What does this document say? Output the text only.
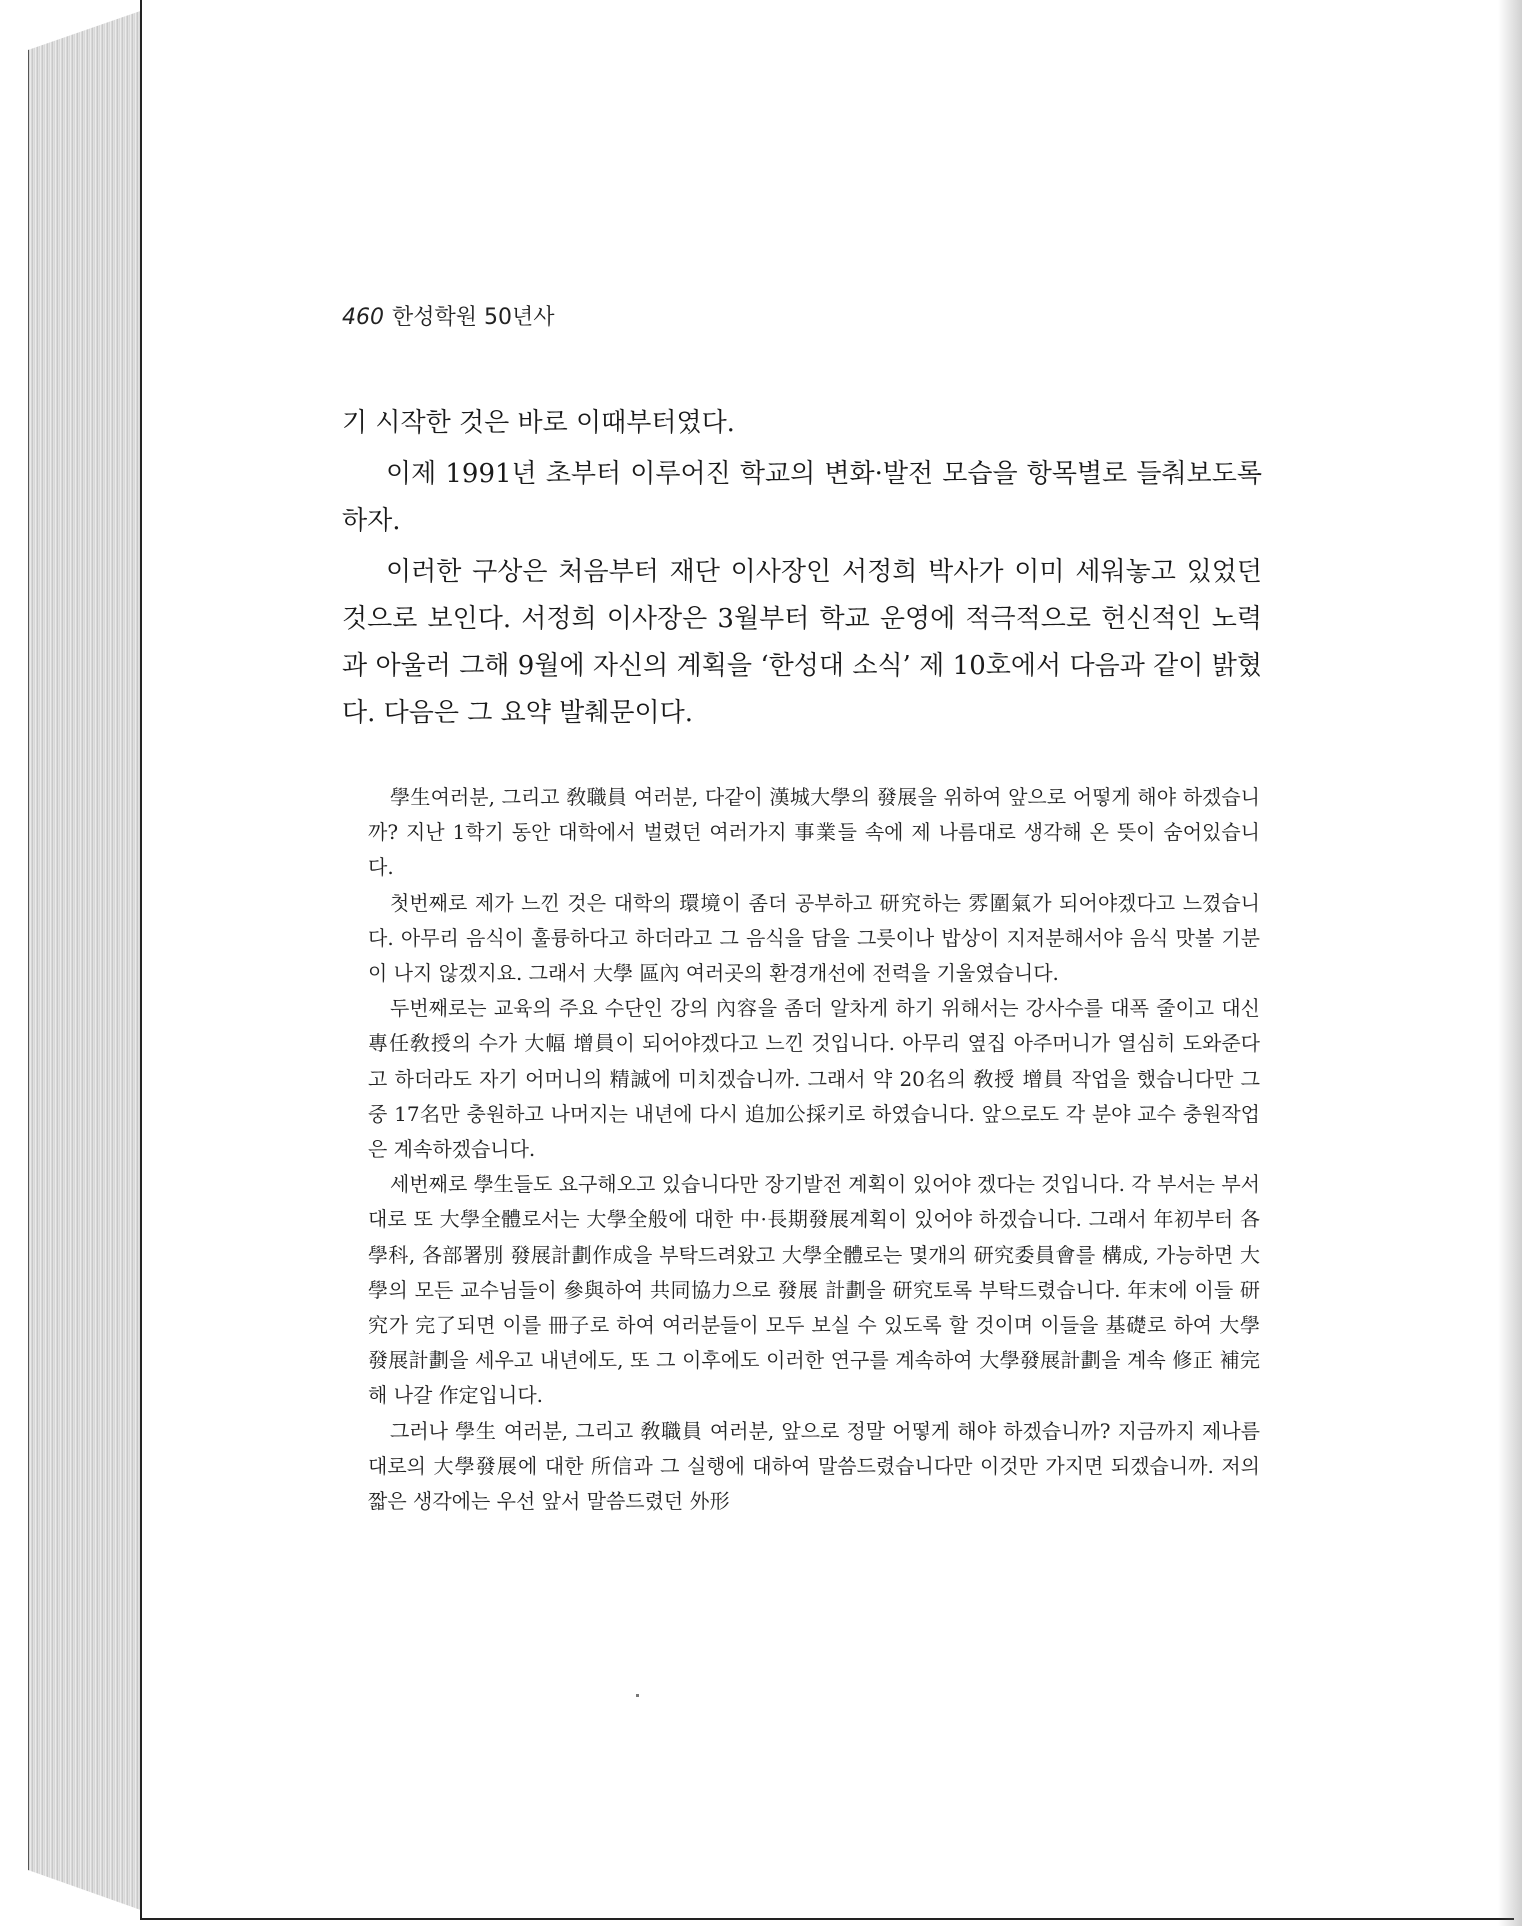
460 한성학원 50년사

기 시작한 것은 바로 이때부터였다.

이제 1991년 초부터 이루어진 학교의 변화·발전 모습을 항목별로 들춰보도록 하자.

이러한 구상은 처음부터 재단 이사장인 서정희 박사가 이미 세워놓고 있었던 것으로 보인다. 서정희 이사장은 3월부터 학교 운영에 적극적으로 헌신적인 노력과 아울러 그해 9월에 자신의 계획을 ‘한성대 소식’ 제 10호에서 다음과 같이 밝혔다. 다음은 그 요약 발췌문이다.

學生여러분, 그리고 敎職員 여러분, 다같이 漢城大學의 發展을 위하여 앞으로 어떻게 해야 하겠습니까? 지난 1학기 동안 대학에서 벌렸던 여러가지 事業들 속에 제 나름대로 생각해 온 뜻이 숨어있습니다.

첫번째로 제가 느낀 것은 대학의 環境이 좀더 공부하고 研究하는 雰圍氣가 되어야겠다고 느꼈습니다. 아무리 음식이 훌륭하다고 하더라고 그 음식을 담을 그릇이나 밥상이 지저분해서야 음식 맛볼 기분이 나지 않겠지요. 그래서 大學 區內 여러곳의 환경개선에 전력을 기울였습니다.

두번째로는 교육의 주요 수단인 강의 內容을 좀더 알차게 하기 위해서는 강사수를 대폭 줄이고 대신 專任敎授의 수가 大幅 增員이 되어야겠다고 느낀 것입니다. 아무리 옆집 아주머니가 열심히 도와준다고 하더라도 자기 어머니의 精誠에 미치겠습니까. 그래서 약 20名의 敎授 增員 작업을 했습니다만 그 중 17名만 충원하고 나머지는 내년에 다시 追加公採키로 하였습니다. 앞으로도 각 분야 교수 충원작업은 계속하겠습니다.

세번째로 學生들도 요구해오고 있습니다만 장기발전 계획이 있어야 겠다는 것입니다. 각 부서는 부서대로 또 大學全體로서는 大學全般에 대한 中·長期發展계획이 있어야 하겠습니다. 그래서 年初부터 各學科, 各部署別 發展計劃作成을 부탁드려왔고 大學全體로는 몇개의 研究委員會를 構成, 가능하면 大學의 모든 교수님들이 參與하여 共同協力으로 發展 計劃을 研究토록 부탁드렸습니다. 年末에 이들 研究가 完了되면 이를 冊子로 하여 여러분들이 모두 보실 수 있도록 할 것이며 이들을 基礎로 하여 大學發展計劃을 세우고 내년에도, 또 그 이후에도 이러한 연구를 계속하여 大學發展計劃을 계속 修正 補完해 나갈 作定입니다.

그러나 學生 여러분, 그리고 敎職員 여러분, 앞으로 정말 어떻게 해야 하겠습니까? 지금까지 제나름대로의 大學發展에 대한 所信과 그 실행에 대하여 말씀드렸습니다만 이것만 가지면 되겠습니까. 저의 짧은 생각에는 우선 앞서 말씀드렸던 外形
